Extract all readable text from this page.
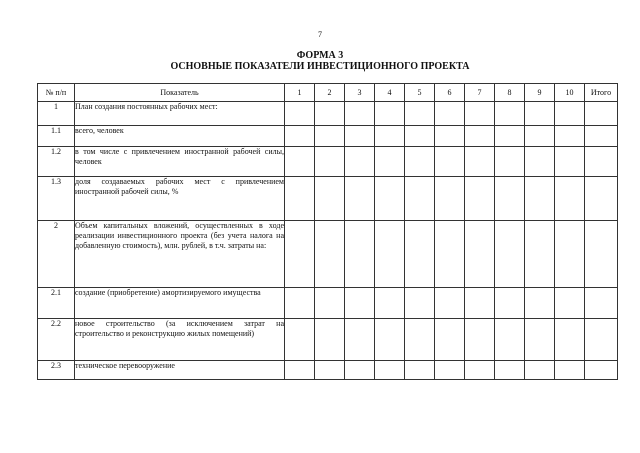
7
ФОРМА 3
ОСНОВНЫЕ ПОКАЗАТЕЛИ ИНВЕСТИЦИОННОГО ПРОЕКТА
№ п/п	Показатель	1	2	3	4	5	6	7	8	9	10	Итого
1	План создания постоянных рабочих мест:											
1.1	всего, человек											
1.2	в том числе с привлечением иностранной рабочей силы, человек											
1.3	доля создаваемых рабочих мест с привлечением иностранной рабочей силы, %											
2	Объем капитальных вложений, осуществленных в ходе реализации инвестиционного проекта (без учета налога на добавленную стоимость), млн. рублей, в т.ч. затраты на:											
2.1	создание (приобретение) амортизируемого имущества											
2.2	новое строительство (за исключением затрат на строительство и реконструкцию жилых помещений)											
2.3	техническое перевооружение											
